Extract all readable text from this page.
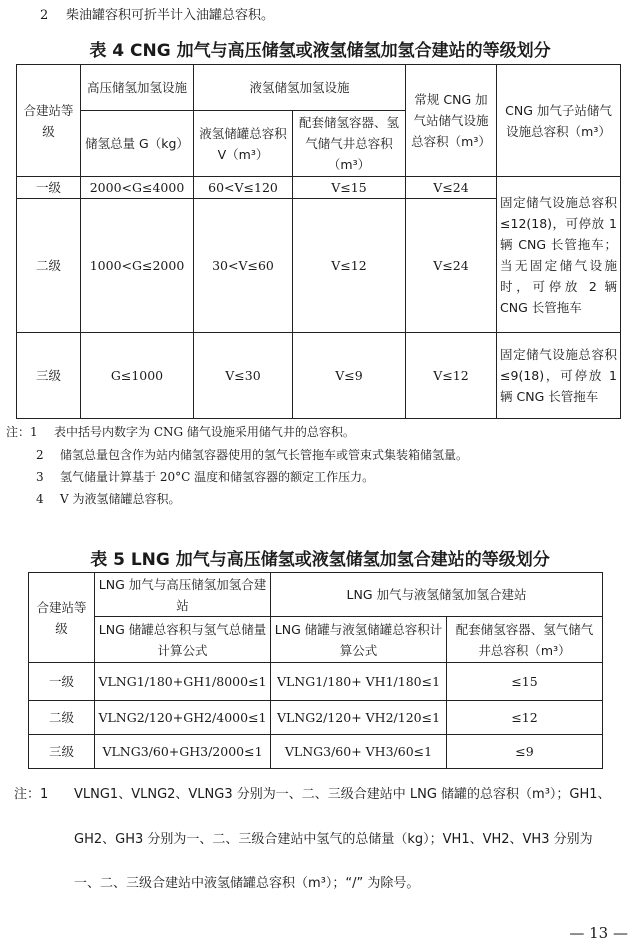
2 柴油罐容积可折半计入油罐总容积。
表 4 CNG 加气与高压储氢或液氢储氢加氢合建站的等级划分
合建站等级	高压储氢加氢设施	液氢储氢加氢设施		常规 CNG 加气站储气设施总容积（m³）	CNG 加气子站储气设施总容积（m³）
	储氢总量 G（kg）	液氢储罐总容积 V（m³）	配套储氢容器、氢气储气井总容积（m³）		
一级	2000<G≤4000	60<V≤120	V≤15	V≤24	固定储气设施总容积≤12(18)，可停放 1 辆 CNG 长管拖车；当无固定储气设施时，可停放 2 辆 CNG 长管拖车
二级	1000<G≤2000	30<V≤60	V≤12	V≤24	
三级	G≤1000	V≤30	V≤9	V≤12	固定储气设施总容积≤9(18)，可停放 1 辆 CNG 长管拖车
注：1 表中括号内数字为 CNG 储气设施采用储气井的总容积。
2 储氢总量包含作为站内储氢容器使用的氢气长管拖车或管束式集装箱储氢量。
3 氢气储量计算基于 20°C 温度和储氢容器的额定工作压力。
4 V 为液氢储罐总容积。
表 5 LNG 加气与高压储氢或液氢储氢加氢合建站的等级划分
合建站等级	LNG 加气与高压储氢加氢合建站	LNG 加气与液氢储氢加氢合建站	
	LNG 储罐总容积与氢气总储量计算公式	LNG 储罐与液氢储罐总容积计算公式	配套储氢容器、氢气储气井总容积（m³）
一级	VLNG1/180+GH1/8000≤1	VLNG1/180+ VH1/180≤1	≤15
二级	VLNG2/120+GH2/4000≤1	VLNG2/120+ VH2/120≤1	≤12
三级	VLNG3/60+GH3/2000≤1	VLNG3/60+ VH3/60≤1	≤9
注：1 VLNG1、VLNG2、VLNG3 分别为一、二、三级合建站中 LNG 储罐的总容积（m³）；GH1、
GH2、GH3 分别为一、二、三级合建站中氢气的总储量（kg）；VH1、VH2、VH3 分别为
一、二、三级合建站中液氢储罐总容积（m³）；“/” 为除号。
— 13 —
